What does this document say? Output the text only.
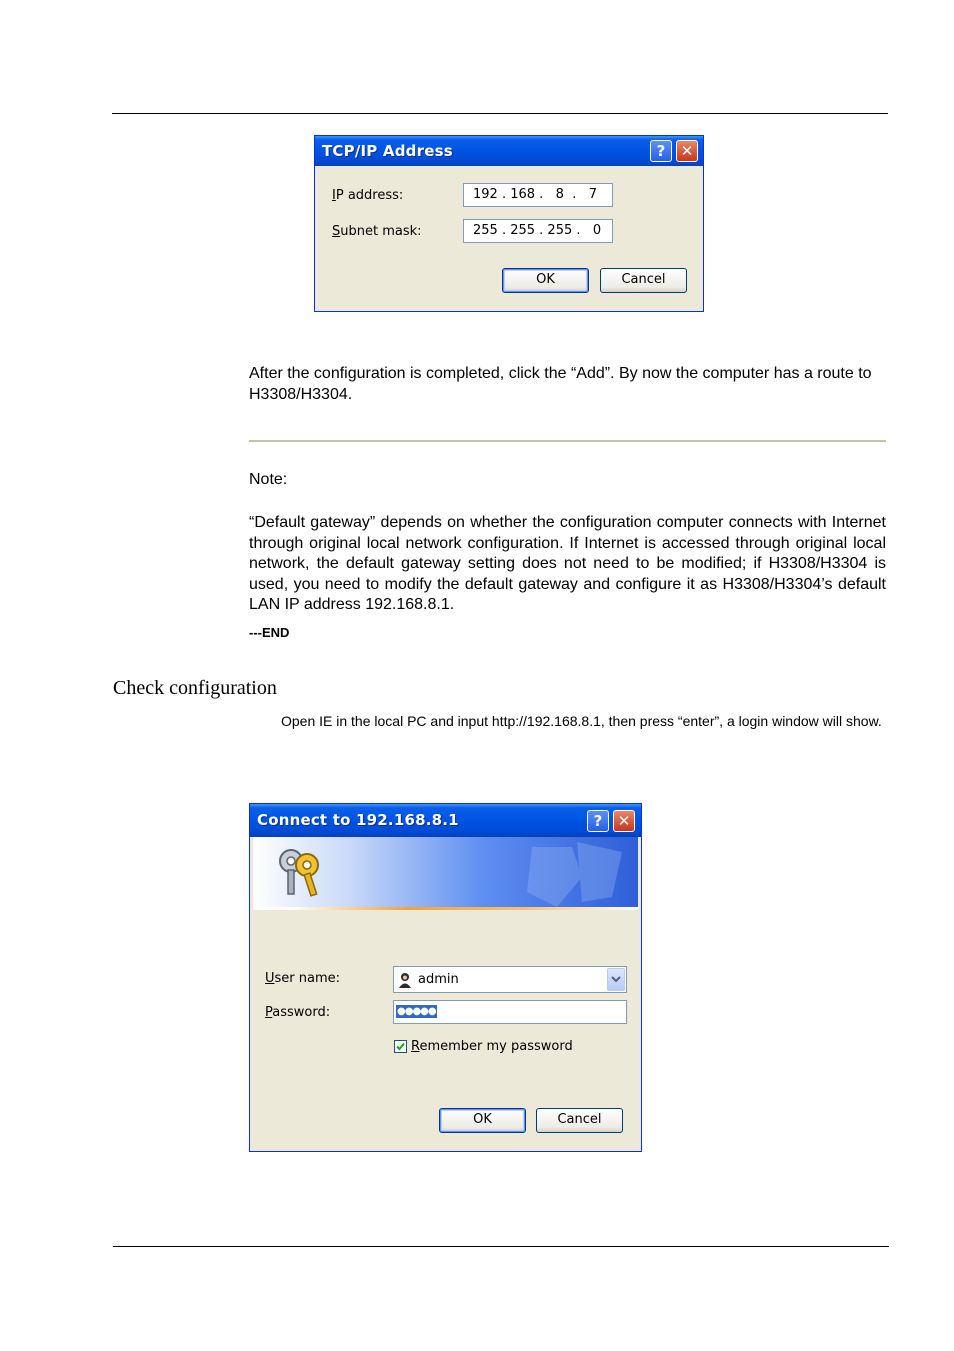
TCP/IP Address	?	✕
IP address:	192 . 168 .   8  .   7
Subnet mask:	255 . 255 . 255 .   0
OK	Cancel
After the configuration is completed, click the “Add”. By now the computer has a route to H3308/H3304.
Note:
“Default gateway” depends on whether the configuration computer connects with Internet through original local network configuration. If Internet is accessed through original local network, the default gateway setting does not need to be modified; if H3308/H3304 is used, you need to modify the default gateway and configure it as H3308/H3304’s default LAN IP address 192.168.8.1.
---END
Check configuration
Open IE in the local PC and input http://192.168.8.1, then press “enter”, a login window will show.
Connect to 192.168.8.1	?	✕
User name:	admin
Password:	●●●●●
Remember my password
OK	Cancel
